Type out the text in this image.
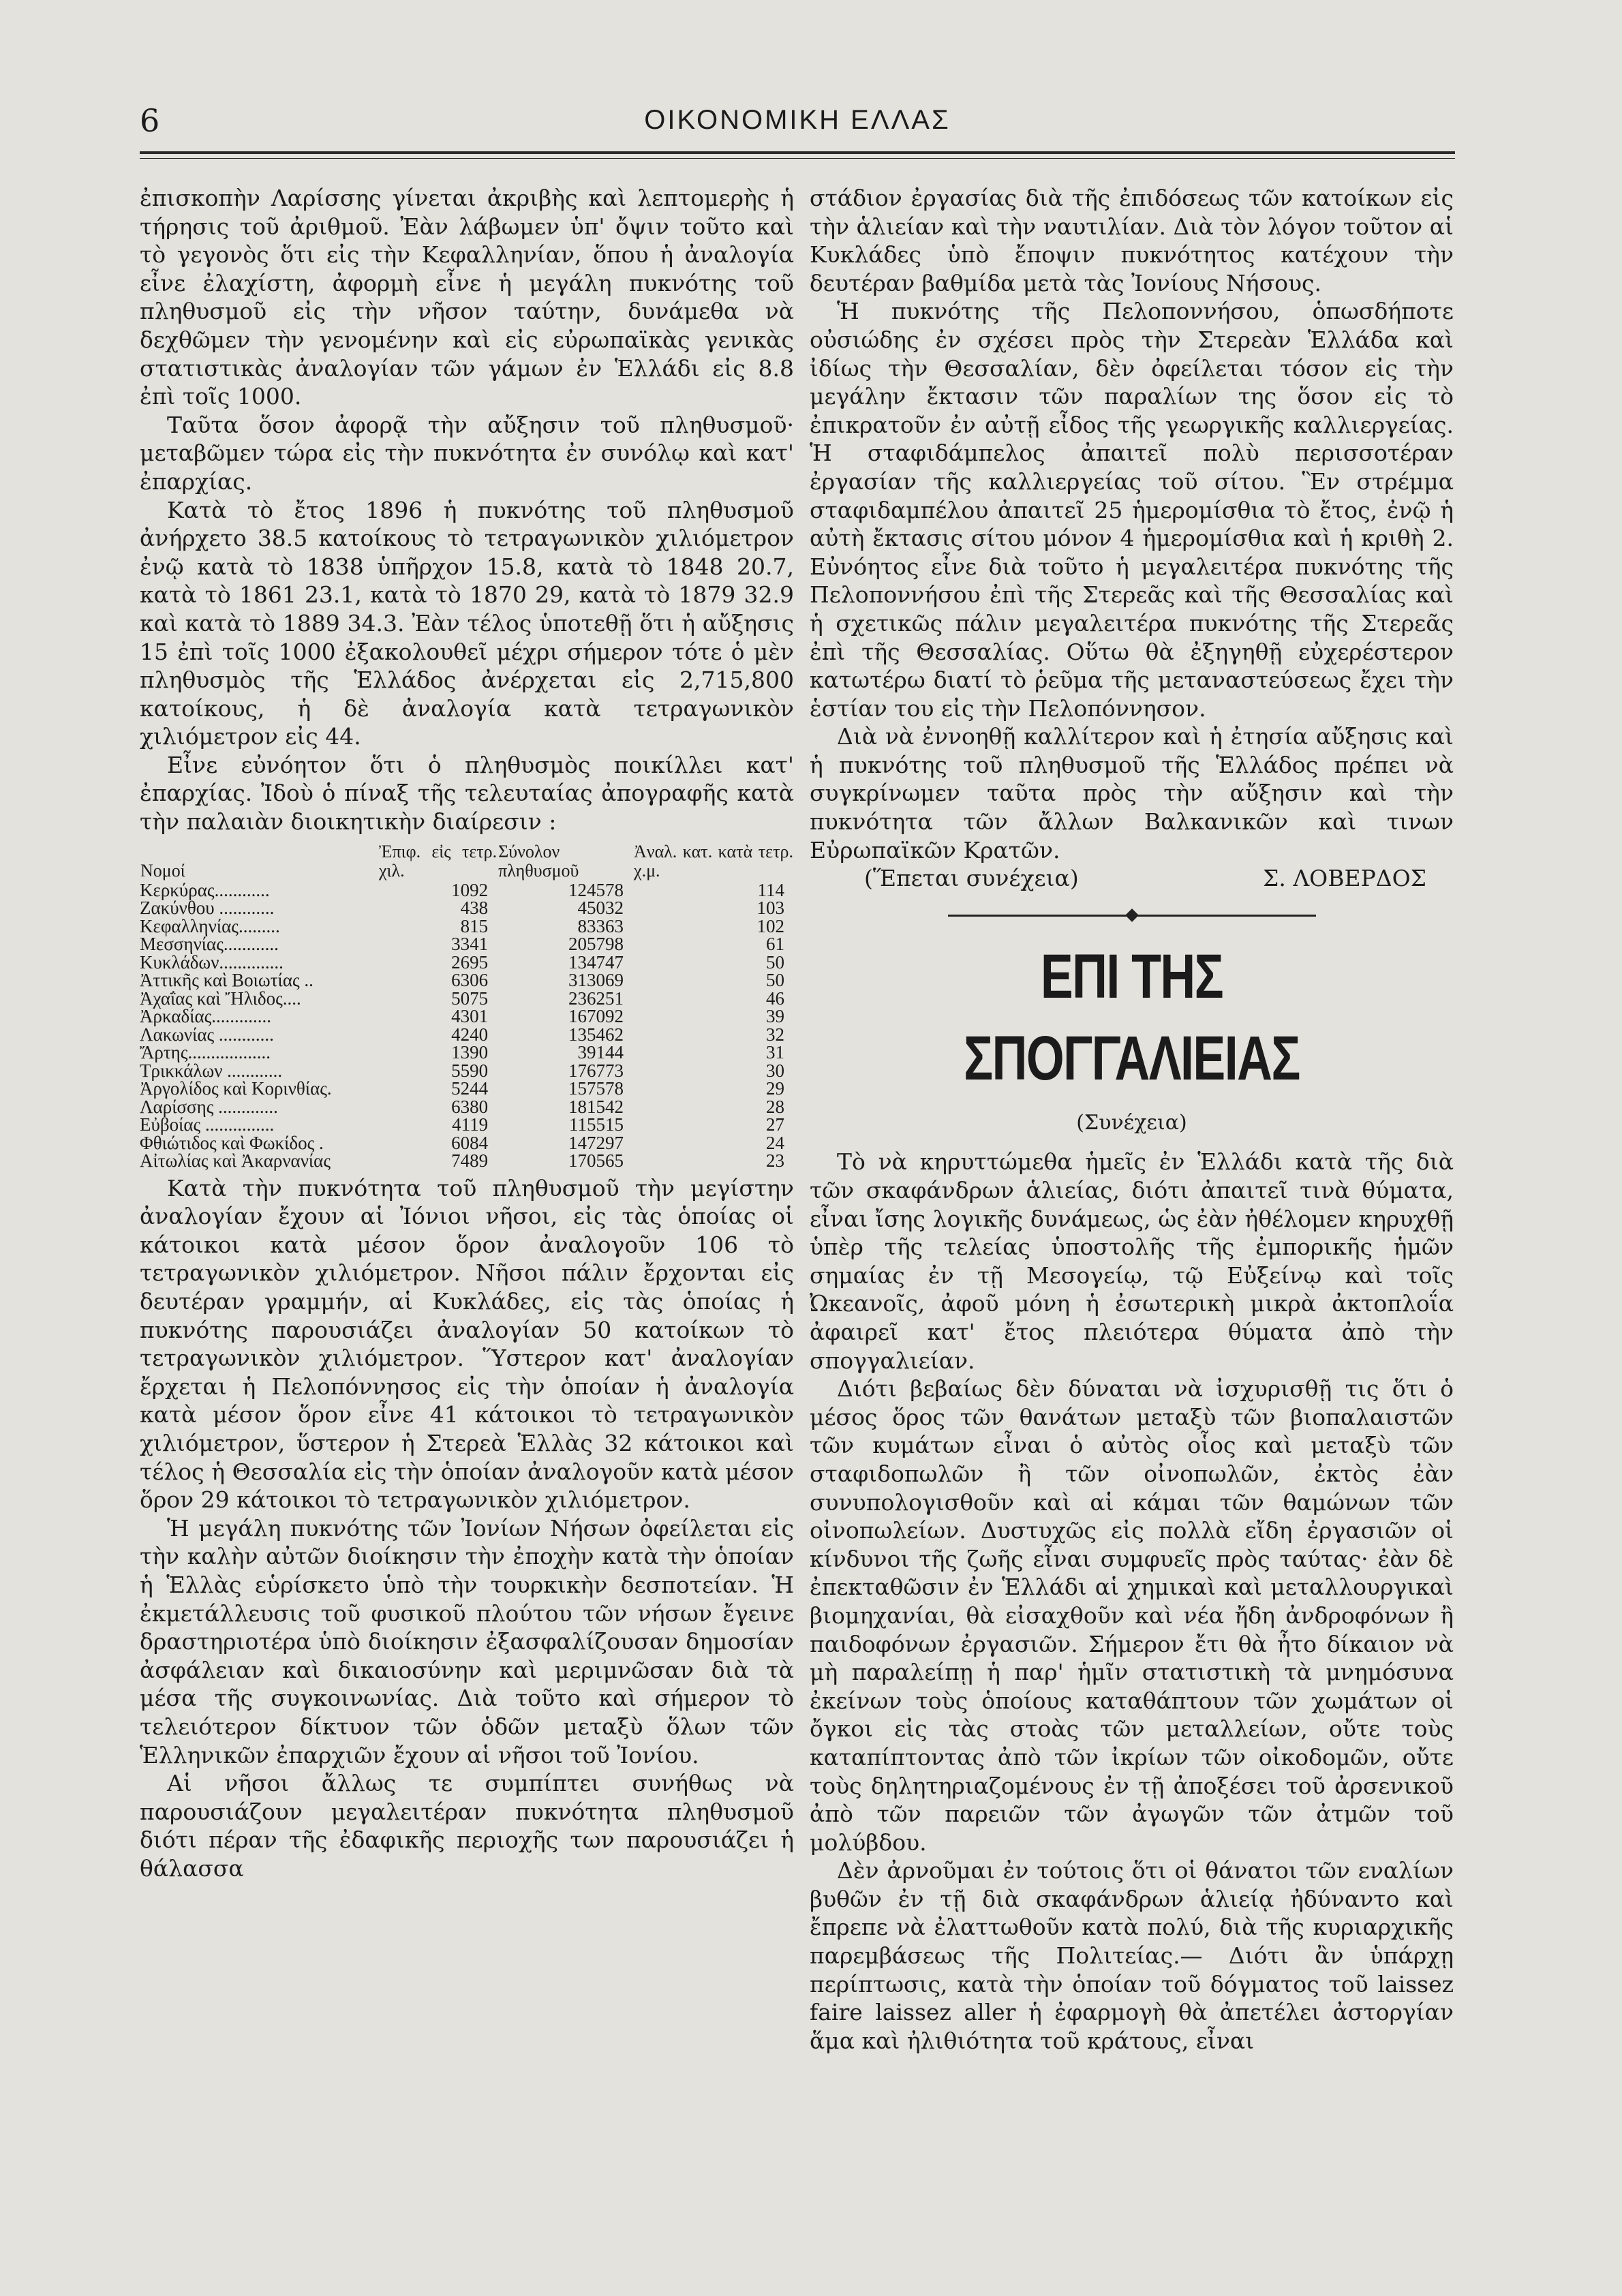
6	ΟΙΚΟΝΟΜΙΚΗ ΕΛΛΑΣ

ἐπισκοπὴν Λαρίσσης γίνεται ἀκριβὴς καὶ λεπτομερὴς ἡ τήρησις τοῦ ἀριθμοῦ. Ἐὰν λάβωμεν ὑπ' ὄψιν τοῦτο καὶ τὸ γεγονὸς ὅτι εἰς τὴν Κεφαλληνίαν, ὅπου ἡ ἀναλογία εἶνε ἐλαχίστη, ἀφορμὴ εἶνε ἡ μεγάλη πυκνότης τοῦ πληθυσμοῦ εἰς τὴν νῆσον ταύτην, δυνάμεθα νὰ δεχθῶμεν τὴν γενομένην καὶ εἰς εὐρωπαϊκὰς γενικὰς στατιστικὰς ἀναλογίαν τῶν γάμων ἐν Ἑλλάδι εἰς 8.8 ἐπὶ τοῖς 1000.

Ταῦτα ὅσον ἀφορᾷ τὴν αὔξησιν τοῦ πληθυσμοῦ· μεταβῶμεν τώρα εἰς τὴν πυκνότητα ἐν συνόλῳ καὶ κατ' ἐπαρχίας.

Κατὰ τὸ ἔτος 1896 ἡ πυκνότης τοῦ πληθυσμοῦ ἀνήρχετο 38.5 κατοίκους τὸ τετραγωνικὸν χιλιόμετρον ἐνῷ κατὰ τὸ 1838 ὑπῆρχον 15.8, κατὰ τὸ 1848 20.7, κατὰ τὸ 1861 23.1, κατὰ τὸ 1870 29, κατὰ τὸ 1879 32.9 καὶ κατὰ τὸ 1889 34.3. Ἐὰν τέλος ὑποτεθῇ ὅτι ἡ αὔξησις 15 ἐπὶ τοῖς 1000 ἐξακολουθεῖ μέχρι σήμερον τότε ὁ μὲν πληθυσμὸς τῆς Ἑλλάδος ἀνέρχεται εἰς 2,715,800 κατοίκους, ἡ δὲ ἀναλογία κατὰ τετραγωνικὸν χιλιόμετρον εἰς 44.

Εἶνε εὐνόητον ὅτι ὁ πληθυσμὸς ποικίλλει κατ' ἐπαρχίας. Ἰδοὺ ὁ πίναξ τῆς τελευταίας ἀπογραφῆς κατὰ τὴν παλαιὰν διοικητικὴν διαίρεσιν :

Νομοί	Ἐπιφ. εἰς τετρ. χιλ.	Σύνολον πληθυσμοῦ	Ἀναλ. κατ. κατὰ τετρ. χ.μ.
Κερκύρας............	1092	124578	114
Ζακύνθου ............	438	45032	103
Κεφαλληνίας.........	815	83363	102
Μεσσηνίας............	3341	205798	61
Κυκλάδων..............	2695	134747	50
Ἀττικῆς καὶ Βοιωτίας ..	6306	313069	50
Ἀχαΐας καὶ Ἤλιδος....	5075	236251	46
Ἀρκαδίας.............	4301	167092	39
Λακωνίας ............	4240	135462	32
Ἄρτης..................	1390	39144	31
Τρικκάλων ............	5590	176773	30
Ἀργολίδος καὶ Κορινθίας.	5244	157578	29
Λαρίσσης .............	6380	181542	28
Εὐβοίας ...............	4119	115515	27
Φθιώτιδος καὶ Φωκίδος .	6084	147297	24
Αἰτωλίας καὶ Ἀκαρνανίας	7489	170565	23

Κατὰ τὴν πυκνότητα τοῦ πληθυσμοῦ τὴν μεγίστην ἀναλογίαν ἔχουν αἱ Ἰόνιοι νῆσοι, εἰς τὰς ὁποίας οἱ κάτοικοι κατὰ μέσον ὅρον ἀναλογοῦν 106 τὸ τετραγωνικὸν χιλιόμετρον. Νῆσοι πάλιν ἔρχονται εἰς δευτέραν γραμμήν, αἱ Κυκλάδες, εἰς τὰς ὁποίας ἡ πυκνότης παρουσιάζει ἀναλογίαν 50 κατοίκων τὸ τετραγωνικὸν χιλιόμετρον. Ὕστερον κατ' ἀναλογίαν ἔρχεται ἡ Πελοπόννησος εἰς τὴν ὁποίαν ἡ ἀναλογία κατὰ μέσον ὅρον εἶνε 41 κάτοικοι τὸ τετραγωνικὸν χιλιόμετρον, ὕστερον ἡ Στερεὰ Ἑλλὰς 32 κάτοικοι καὶ τέλος ἡ Θεσσαλία εἰς τὴν ὁποίαν ἀναλογοῦν κατὰ μέσον ὅρον 29 κάτοικοι τὸ τετραγωνικὸν χιλιόμετρον.

Ἡ μεγάλη πυκνότης τῶν Ἰονίων Νήσων ὀφείλεται εἰς τὴν καλὴν αὐτῶν διοίκησιν τὴν ἐποχὴν κατὰ τὴν ὁποίαν ἡ Ἑλλὰς εὑρίσκετο ὑπὸ τὴν τουρκικὴν δεσποτείαν. Ἡ ἐκμετάλλευσις τοῦ φυσικοῦ πλούτου τῶν νήσων ἔγεινε δραστηριοτέρα ὑπὸ διοίκησιν ἐξασφαλίζουσαν δημοσίαν ἀσφάλειαν καὶ δικαιοσύνην καὶ μεριμνῶσαν διὰ τὰ μέσα τῆς συγκοινωνίας. Διὰ τοῦτο καὶ σήμερον τὸ τελειότερον δίκτυον τῶν ὁδῶν μεταξὺ ὅλων τῶν Ἑλληνικῶν ἐπαρχιῶν ἔχουν αἱ νῆσοι τοῦ Ἰονίου.

Αἱ νῆσοι ἄλλως τε συμπίπτει συνήθως νὰ παρουσιάζουν μεγαλειτέραν πυκνότητα πληθυσμοῦ διότι πέραν τῆς ἐδαφικῆς περιοχῆς των παρουσιάζει ἡ θάλασσα

στάδιον ἐργασίας διὰ τῆς ἐπιδόσεως τῶν κατοίκων εἰς τὴν ἁλιείαν καὶ τὴν ναυτιλίαν. Διὰ τὸν λόγον τοῦτον αἱ Κυκλάδες ὑπὸ ἔποψιν πυκνότητος κατέχουν τὴν δευτέραν βαθμίδα μετὰ τὰς Ἰονίους Νήσους.

Ἡ πυκνότης τῆς Πελοποννήσου, ὁπωσδήποτε οὐσιώδης ἐν σχέσει πρὸς τὴν Στερεὰν Ἑλλάδα καὶ ἰδίως τὴν Θεσσαλίαν, δὲν ὀφείλεται τόσον εἰς τὴν μεγάλην ἔκτασιν τῶν παραλίων της ὅσον εἰς τὸ ἐπικρατοῦν ἐν αὐτῇ εἶδος τῆς γεωργικῆς καλλιεργείας. Ἡ σταφιδάμπελος ἀπαιτεῖ πολὺ περισσοτέραν ἐργασίαν τῆς καλλιεργείας τοῦ σίτου. Ἓν στρέμμα σταφιδαμπέλου ἀπαιτεῖ 25 ἡμερομίσθια τὸ ἔτος, ἐνῷ ἡ αὐτὴ ἔκτασις σίτου μόνον 4 ἡμερομίσθια καὶ ἡ κριθὴ 2. Εὐνόητος εἶνε διὰ τοῦτο ἡ μεγαλειτέρα πυκνότης τῆς Πελοποννήσου ἐπὶ τῆς Στερεᾶς καὶ τῆς Θεσσαλίας καὶ ἡ σχετικῶς πάλιν μεγαλειτέρα πυκνότης τῆς Στερεᾶς ἐπὶ τῆς Θεσσαλίας. Οὕτω θὰ ἐξηγηθῇ εὐχερέστερον κατωτέρω διατί τὸ ῥεῦμα τῆς μεταναστεύσεως ἔχει τὴν ἑστίαν του εἰς τὴν Πελοπόννησον.

Διὰ νὰ ἐννοηθῇ καλλίτερον καὶ ἡ ἐτησία αὔξησις καὶ ἡ πυκνότης τοῦ πληθυσμοῦ τῆς Ἑλλάδος πρέπει νὰ συγκρίνωμεν ταῦτα πρὸς τὴν αὔξησιν καὶ τὴν πυκνότητα τῶν ἄλλων Βαλκανικῶν καὶ τινων Εὐρωπαϊκῶν Κρατῶν.

(Ἕπεται συνέχεια)	Σ. ΛΟΒΕΡΔΟΣ
ΕΠΙ ΤΗΣ ΣΠΟΓΓΑΛΙΕΙΑΣ
(Συνέχεια)

Τὸ νὰ κηρυττώμεθα ἡμεῖς ἐν Ἑλλάδι κατὰ τῆς διὰ τῶν σκαφάνδρων ἁλιείας, διότι ἀπαιτεῖ τινὰ θύματα, εἶναι ἴσης λογικῆς δυνάμεως, ὡς ἐὰν ἠθέλομεν κηρυχθῇ ὑπὲρ τῆς τελείας ὑποστολῆς τῆς ἐμπορικῆς ἡμῶν σημαίας ἐν τῇ Μεσογείῳ, τῷ Εὐξείνῳ καὶ τοῖς Ὠκεανοῖς, ἀφοῦ μόνη ἡ ἐσωτερικὴ μικρὰ ἀκτοπλοΐα ἀφαιρεῖ κατ' ἔτος πλειότερα θύματα ἀπὸ τὴν σπογγαλιείαν.

Διότι βεβαίως δὲν δύναται νὰ ἰσχυρισθῇ τις ὅτι ὁ μέσος ὅρος τῶν θανάτων μεταξὺ τῶν βιοπαλαιστῶν τῶν κυμάτων εἶναι ὁ αὐτὸς οἷος καὶ μεταξὺ τῶν σταφιδοπωλῶν ἢ τῶν οἰνοπωλῶν, ἐκτὸς ἐὰν συνυπολογισθοῦν καὶ αἱ κάμαι τῶν θαμώνων τῶν οἰνοπωλείων. Δυστυχῶς εἰς πολλὰ εἴδη ἐργασιῶν οἱ κίνδυνοι τῆς ζωῆς εἶναι συμφυεῖς πρὸς ταύτας· ἐὰν δὲ ἐπεκταθῶσιν ἐν Ἑλλάδι αἱ χημικαὶ καὶ μεταλλουργικαὶ βιομηχανίαι, θὰ εἰσαχθοῦν καὶ νέα ἤδη ἀνδροφόνων ἢ παιδοφόνων ἐργασιῶν. Σήμερον ἔτι θὰ ἦτο δίκαιον νὰ μὴ παραλείπῃ ἡ παρ' ἡμῖν στατιστικὴ τὰ μνημόσυνα ἐκείνων τοὺς ὁποίους καταθάπτουν τῶν χωμάτων οἱ ὄγκοι εἰς τὰς στοὰς τῶν μεταλλείων, οὔτε τοὺς καταπίπτοντας ἀπὸ τῶν ἰκρίων τῶν οἰκοδομῶν, οὔτε τοὺς δηλητηριαζομένους ἐν τῇ ἀποξέσει τοῦ ἀρσενικοῦ ἀπὸ τῶν παρειῶν τῶν ἀγωγῶν τῶν ἀτμῶν τοῦ μολύβδου.

Δὲν ἀρνοῦμαι ἐν τούτοις ὅτι οἱ θάνατοι τῶν εναλίων βυθῶν ἐν τῇ διὰ σκαφάνδρων ἁλιείᾳ ἠδύναντο καὶ ἔπρεπε νὰ ἐλαττωθοῦν κατὰ πολύ, διὰ τῆς κυριαρχικῆς παρεμβάσεως τῆς Πολιτείας.— Διότι ἂν ὑπάρχῃ περίπτωσις, κατὰ τὴν ὁποίαν τοῦ δόγματος τοῦ laissez faire laissez aller ἡ ἐφαρμογὴ θὰ ἀπετέλει ἀστοργίαν ἅμα καὶ ἠλιθιότητα τοῦ κράτους, εἶναι
